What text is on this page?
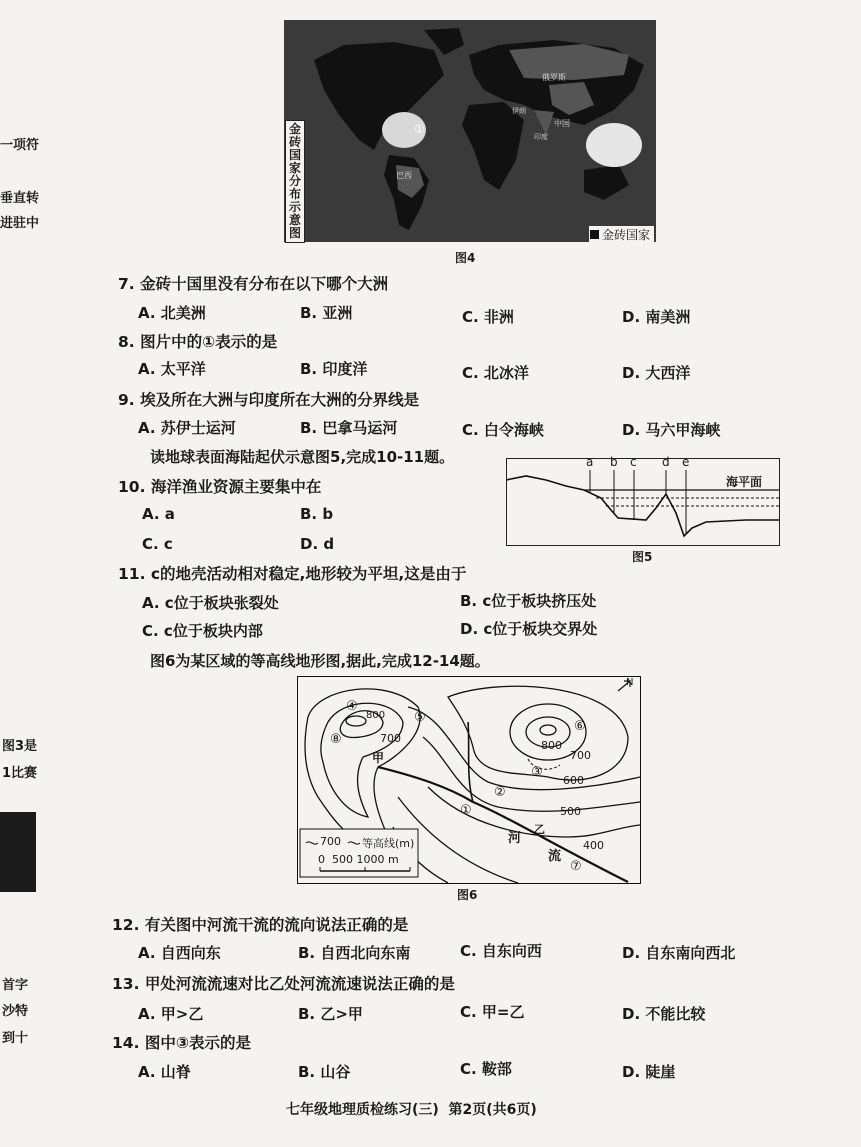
一项符
垂直转
进驻中
图3是
1比赛
首字
沙特
到十
①
俄罗斯
中国
巴西
伊朗
印度
金砖国家
金砖国家分布示意图
图4
7. 金砖十国里没有分布在以下哪个大洲
A. 北美洲	B. 亚洲	C. 非洲	D. 南美洲
8. 图片中的①表示的是
A. 太平洋	B. 印度洋	C. 北冰洋	D. 大西洋
9. 埃及所在大洲与印度所在大洲的分界线是
A. 苏伊士运河	B. 巴拿马运河	C. 白令海峡	D. 马六甲海峡
读地球表面海陆起伏示意图5,完成10-11题。	a b c d e
海平面
图5
10. 海洋渔业资源主要集中在
A. a	B. b
C. c	D. d
11. c的地壳活动相对稳定,地形较为平坦,这是由于
A. c位于板块张裂处	B. c位于板块挤压处
C. c位于板块内部	D. c位于板块交界处
图6为某区域的等高线地形图,据此,完成12-14题。
N
800
700
800
700
600
500
400
④
⑤
⑥
⑧
③
②
①
⑦
甲
乙
河
流
700 等高线(m)
0  500 1000 m
图6
12. 有关图中河流干流的流向说法正确的是
A. 自西向东	B. 自西北向东南	C. 自东向西	D. 自东南向西北
13. 甲处河流流速对比乙处河流流速说法正确的是
A. 甲>乙	B. 乙>甲	C. 甲=乙	D. 不能比较
14. 图中③表示的是
A. 山脊	B. 山谷	C. 鞍部	D. 陡崖
七年级地理质检练习(三)  第2页(共6页)
